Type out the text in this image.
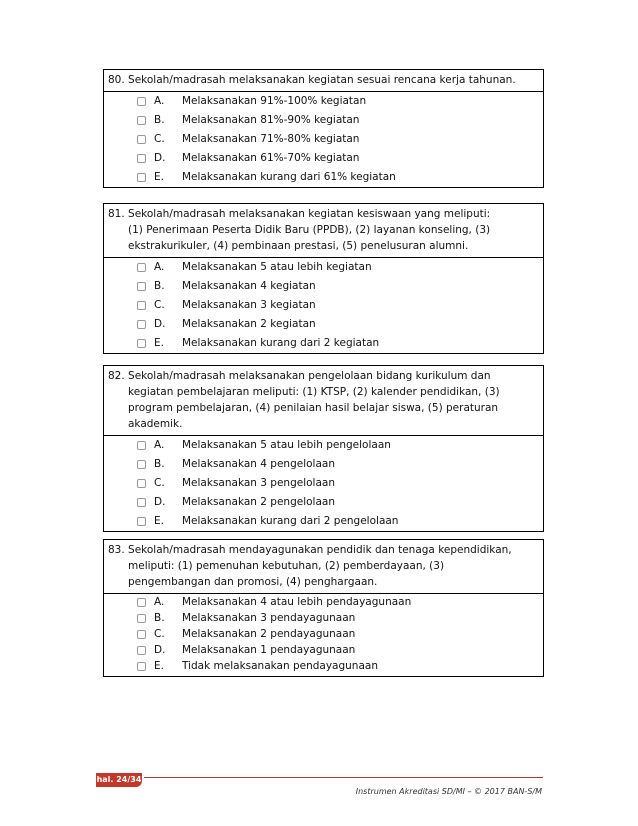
80. Sekolah/madrasah melaksanakan kegiatan sesuai rencana kerja tahunan.
A. Melaksanakan 91%-100% kegiatan
B. Melaksanakan 81%-90% kegiatan
C. Melaksanakan 71%-80% kegiatan
D. Melaksanakan 61%-70% kegiatan
E. Melaksanakan kurang dari 61% kegiatan
81. Sekolah/madrasah melaksanakan kegiatan kesiswaan yang meliputi:
(1) Penerimaan Peserta Didik Baru (PPDB), (2) layanan konseling, (3)
ekstrakurikuler, (4) pembinaan prestasi, (5) penelusuran alumni.
A. Melaksanakan 5 atau lebih kegiatan
B. Melaksanakan 4 kegiatan
C. Melaksanakan 3 kegiatan
D. Melaksanakan 2 kegiatan
E. Melaksanakan kurang dari 2 kegiatan
82. Sekolah/madrasah melaksanakan pengelolaan bidang kurikulum dan
kegiatan pembelajaran meliputi: (1) KTSP, (2) kalender pendidikan, (3)
program pembelajaran, (4) penilaian hasil belajar siswa, (5) peraturan
akademik.
A. Melaksanakan 5 atau lebih pengelolaan
B. Melaksanakan 4 pengelolaan
C. Melaksanakan 3 pengelolaan
D. Melaksanakan 2 pengelolaan
E. Melaksanakan kurang dari 2 pengelolaan
83. Sekolah/madrasah mendayagunakan pendidik dan tenaga kependidikan,
meliputi: (1) pemenuhan kebutuhan, (2) pemberdayaan, (3)
pengembangan dan promosi, (4) penghargaan.
A. Melaksanakan 4 atau lebih pendayagunaan
B. Melaksanakan 3 pendayagunaan
C. Melaksanakan 2 pendayagunaan
D. Melaksanakan 1 pendayagunaan
E. Tidak melaksanakan pendayagunaan
hal. 24/34
Instrumen Akreditasi SD/MI – © 2017 BAN-S/M
